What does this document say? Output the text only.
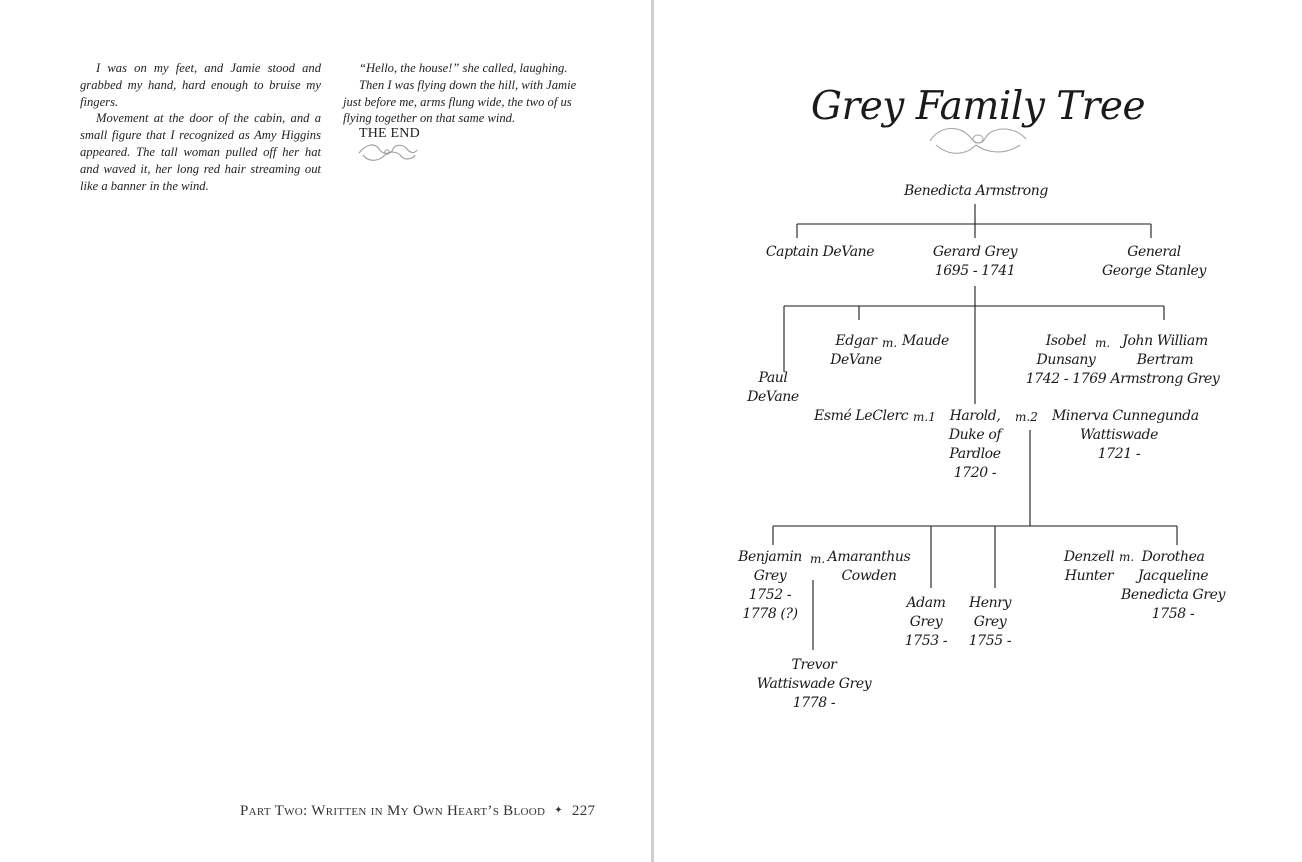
I was on my feet, and Jamie stood and grabbed my hand, hard enough to bruise my fingers.

Movement at the door of the cabin, and a small figure that I recognized as Amy Higgins appeared. The tall woman pulled off her hat and waved it, her long red hair streaming out like a banner in the wind.

“Hello, the house!” she called, laughing.

Then I was flying down the hill, with Jamie just before me, arms flung wide, the two of us flying together on that same wind.

THE END
Part Two: Written in My Own Heart’s Blood ✦ 227
Grey Family Tree
Benedicta Armstrong
Captain DeVane	Gerard Grey
1695 - 1741
General
George Stanley
Paul
DeVane
Edgar
DeVane
m. Maude	Isobel
Dunsany
1742 - 1769
m. John William
Bertram
Armstrong Grey
Esmé LeClerc m.1 Harold,
Duke of
Pardloe
1720 -
m.2 Minerva Cunnegunda
Wattiswade
1721 -
Benjamin
Grey
1752 -
1778 (?)
m. Amaranthus
Cowden
Adam
Grey
1753 -
Henry
Grey
1755 -
Denzell
Hunter
m. Dorothea
Jacqueline
Benedicta Grey
1758 -
Trevor
Wattiswade Grey
1778 -
